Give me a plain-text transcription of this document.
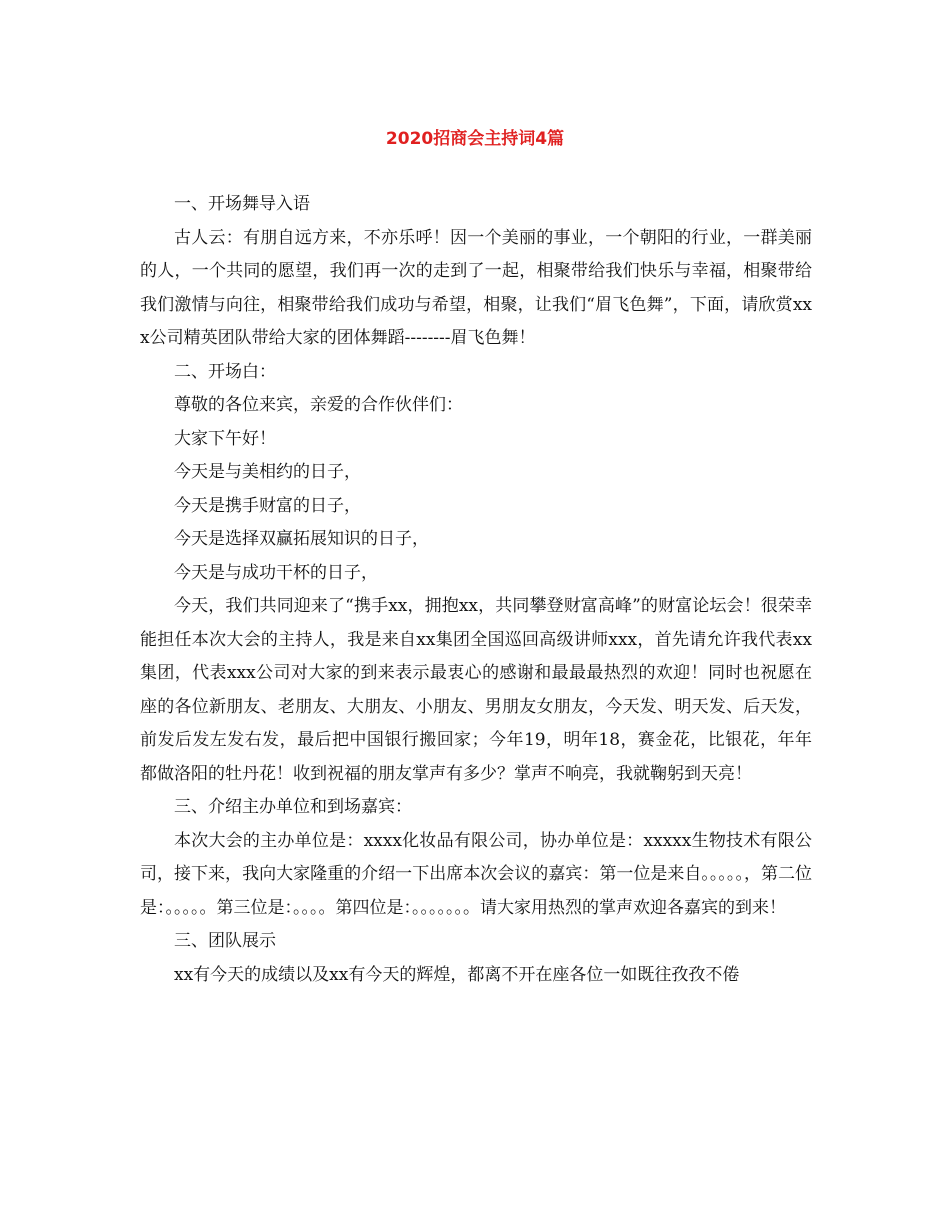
2020招商会主持词4篇

一、开场舞导入语

古人云：有朋自远方来，不亦乐呼！因一个美丽的事业，一个朝阳的行业，一群美丽的人，一个共同的愿望，我们再一次的走到了一起，相聚带给我们快乐与幸福，相聚带给我们激情与向往，相聚带给我们成功与希望，相聚，让我们“眉飞色舞”，下面，请欣赏xxx公司精英团队带给大家的团体舞蹈--------眉飞色舞！

二、开场白：

尊敬的各位来宾，亲爱的合作伙伴们：

大家下午好！

今天是与美相约的日子，

今天是携手财富的日子，

今天是选择双赢拓展知识的日子，

今天是与成功干杯的日子，

今天，我们共同迎来了“携手xx，拥抱xx，共同攀登财富高峰”的财富论坛会！很荣幸能担任本次大会的主持人，我是来自xx集团全国巡回高级讲师xxx，首先请允许我代表xx集团，代表xxx公司对大家的到来表示最衷心的感谢和最最最热烈的欢迎！同时也祝愿在座的各位新朋友、老朋友、大朋友、小朋友、男朋友女朋友，今天发、明天发、后天发，前发后发左发右发，最后把中国银行搬回家；今年19，明年18，赛金花，比银花，年年都做洛阳的牡丹花！收到祝福的朋友掌声有多少？掌声不响亮，我就鞠躬到天亮！

三、介绍主办单位和到场嘉宾：

本次大会的主办单位是：xxxx化妆品有限公司，协办单位是：xxxxx生物技术有限公司，接下来，我向大家隆重的介绍一下出席本次会议的嘉宾：第一位是来自。。。。。，第二位是：。。。。。第三位是：。。。。第四位是：。。。。。。。请大家用热烈的掌声欢迎各嘉宾的到来！

三、团队展示

xx有今天的成绩以及xx有今天的辉煌，都离不开在座各位一如既往孜孜不倦
